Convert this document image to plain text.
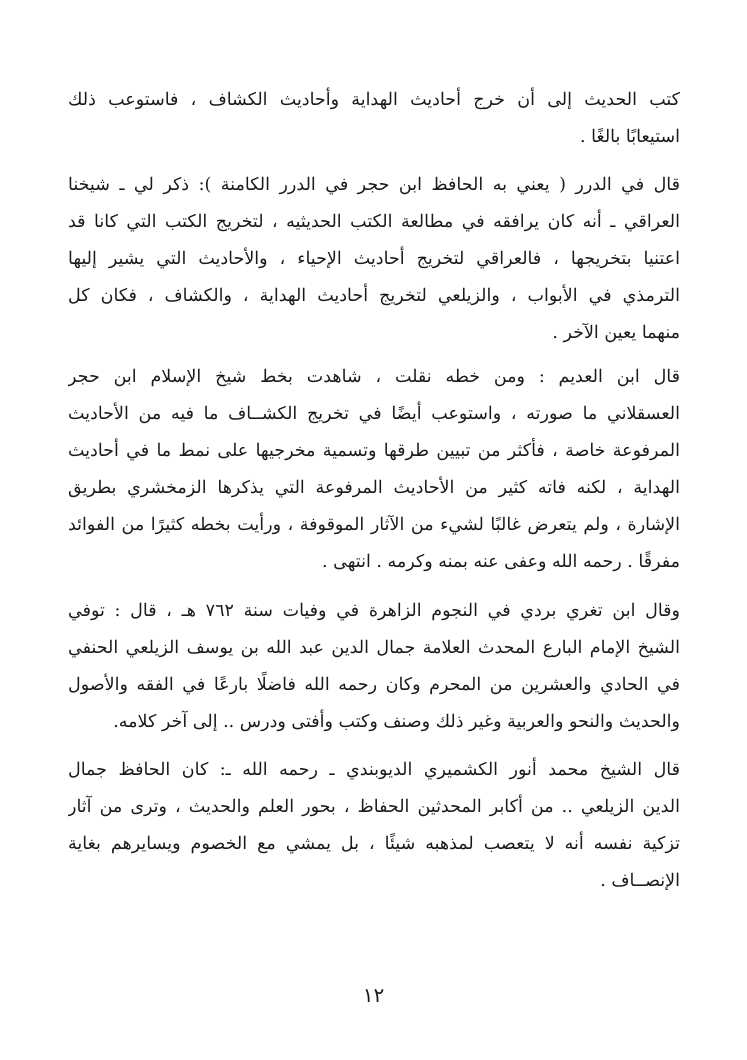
كتب الحديث إلى أن خرج أحاديث الهداية وأحاديث الكشاف ، فاستوعب ذلك
استيعابًا بالغًا .
قال في الدرر ( يعني به الحافظ ابن حجر في الدرر الكامنة ): ذكر لي ـ شيخنا
العراقي ـ أنه كان يرافقه في مطالعة الكتب الحديثيه ، لتخريج الكتب التي كانا قد
اعتنيا بتخريجها ، فالعراقي لتخريج أحاديث الإحياء ، والأحاديث التي يشير إليها
الترمذي في الأبواب ، والزيلعي لتخريج أحاديث الهداية ، والكشاف ، فكان كل
منهما يعين الآخر .
قال ابن العديم : ومن خطه نقلت ، شاهدت بخط شيخ الإسلام ابن حجر
العسقلاني ما صورته ، واستوعب أيضًا في تخريج الكشــاف ما فيه من الأحاديث
المرفوعة خاصة ، فأكثر من تبيين طرقها وتسمية مخرجيها على نمط ما في أحاديث
الهداية ، لكنه فاته كثير من الأحاديث المرفوعة التي يذكرها الزمخشري بطريق
الإشارة ، ولم يتعرض غالبًا لشيء من الآثار الموقوفة ، ورأيت بخطه كثيرًا من الفوائد
مفرقًا . رحمه الله وعفى عنه بمنه وكرمه . انتهى .
وقال ابن تغري بردي في النجوم الزاهرة في وفيات سنة ٧٦٢ هـ ، قال : توفي
الشيخ الإمام البارع المحدث العلامة جمال الدين عبد الله بن يوسف الزيلعي الحنفي
في الحادي والعشرين من المحرم وكان رحمه الله فاضلًا بارعًا في الفقه والأصول
والحديث والنحو والعربية وغير ذلك وصنف وكتب وأفتى ودرس .. إلى آخر كلامه.
قال الشيخ محمد أنور الكشميري الديوبندي ـ رحمه الله ـ: كان الحافظ جمال
الدين الزيلعي .. من أكابر المحدثين الحفاظ ، بحور العلم والحديث ، وترى من آثار
تزكية نفسه أنه لا يتعصب لمذهبه شيئًا ، بل يمشي مع الخصوم ويسايرهم بغاية
الإنصــاف .
١٢
